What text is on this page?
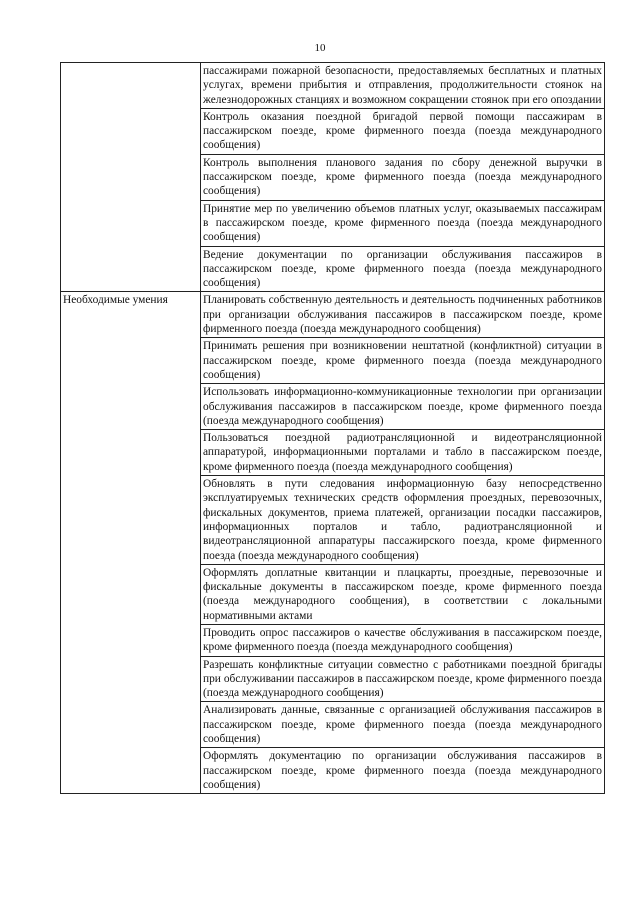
10
	пассажирами пожарной безопасности, предоставляемых бесплатных и платных услугах, времени прибытия и отправления, продолжительности стоянок на железнодорожных станциях и возможном сокращении стоянок при его опоздании
	Контроль оказания поездной бригадой первой помощи пассажирам в пассажирском поезде, кроме фирменного поезда (поезда международного сообщения)
	Контроль выполнения планового задания по сбору денежной выручки в пассажирском поезде, кроме фирменного поезда (поезда международного сообщения)
	Принятие мер по увеличению объемов платных услуг, оказываемых пассажирам в пассажирском поезде, кроме фирменного поезда (поезда международного сообщения)
	Ведение документации по организации обслуживания пассажиров в пассажирском поезде, кроме фирменного поезда (поезда международного сообщения)
Необходимые умения	Планировать собственную деятельность и деятельность подчиненных работников при организации обслуживания пассажиров в пассажирском поезде, кроме фирменного поезда (поезда международного сообщения)
	Принимать решения при возникновении нештатной (конфликтной) ситуации в пассажирском поезде, кроме фирменного поезда (поезда международного сообщения)
	Использовать информационно-коммуникационные технологии при организации обслуживания пассажиров в пассажирском поезде, кроме фирменного поезда (поезда международного сообщения)
	Пользоваться поездной радиотрансляционной и видеотрансляционной аппаратурой, информационными порталами и табло в пассажирском поезде, кроме фирменного поезда (поезда международного сообщения)
	Обновлять в пути следования информационную базу непосредственно эксплуатируемых технических средств оформления проездных, перевозочных, фискальных документов, приема платежей, организации посадки пассажиров, информационных порталов и табло, радиотрансляционной и видеотрансляционной аппаратуры пассажирского поезда, кроме фирменного поезда (поезда международного сообщения)
	Оформлять доплатные квитанции и плацкарты, проездные, перевозочные и фискальные документы в пассажирском поезде, кроме фирменного поезда (поезда международного сообщения), в соответствии с локальными нормативными актами
	Проводить опрос пассажиров о качестве обслуживания в пассажирском поезде, кроме фирменного поезда (поезда международного сообщения)
	Разрешать конфликтные ситуации совместно с работниками поездной бригады при обслуживании пассажиров в пассажирском поезде, кроме фирменного поезда (поезда международного сообщения)
	Анализировать данные, связанные с организацией обслуживания пассажиров в пассажирском поезде, кроме фирменного поезда (поезда международного сообщения)
	Оформлять документацию по организации обслуживания пассажиров в пассажирском поезде, кроме фирменного поезда (поезда международного сообщения)
